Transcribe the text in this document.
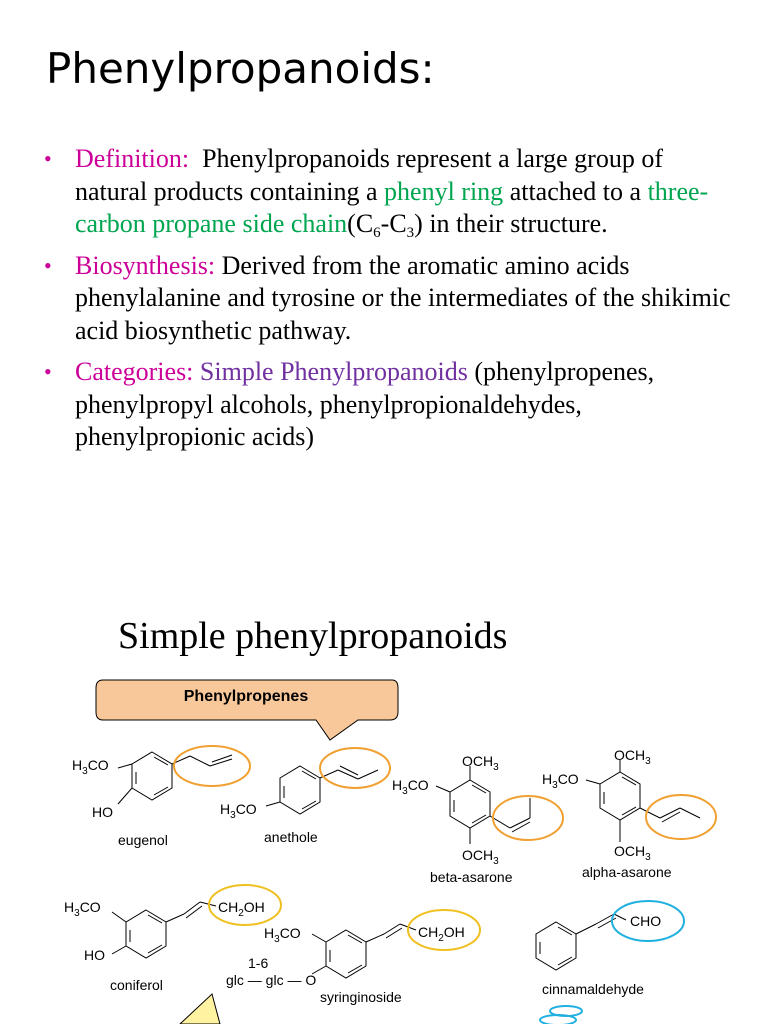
Phenylpropanoids:
• Definition: Phenylpropanoids represent a large group of natural products containing a phenyl ring attached to a three-carbon propane side $chain(C_6-C_3)$ in their structure.
• Biosynthesis: Derived from the aromatic amino acids phenylalanine and tyrosine or the intermediates of the shikimic acid biosynthetic pathway.
• Categories: Simple Phenylpropanoids (phenylpropenes, phenylpropyl alcohols, phenylpropionaldehydes, phenylpropionic acids)
Simple phenylpropanoids
Phenylpropenes
$H_3CO$
HO	$H_3CO$
$OCH_3$
$H_3CO$
$OCH_3$
$OCH_3$
$H_3CO$
$OCH_3$
$H_3CO$
HO
$CH_2OH$
$H_3CO$	$CH_2OH$
1-6
glc — glc — O
CHO
eugenol	anethole
beta-asarone	alpha-asarone
coniferol
syringinoside	cinnamaldehyde
